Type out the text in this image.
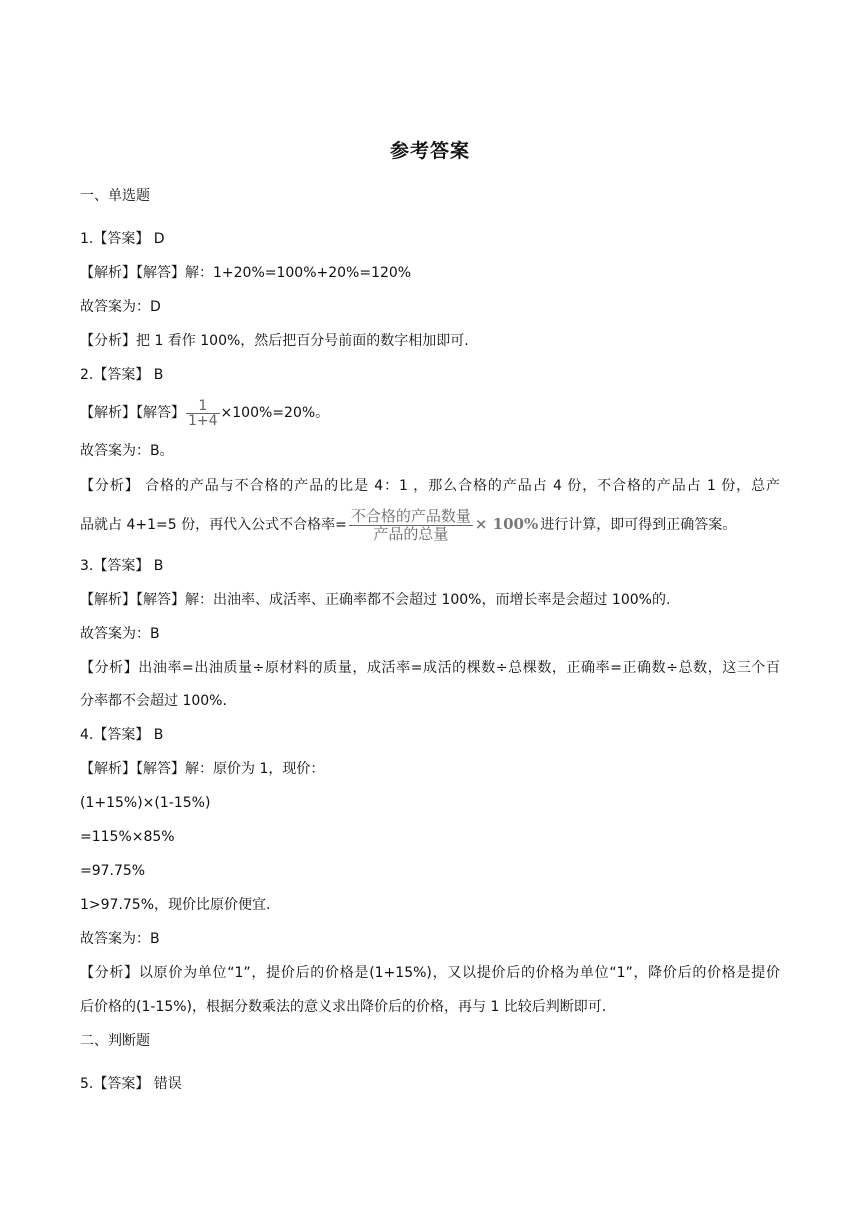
参考答案
一、单选题
1.【答案】 D
【解析】【解答】解：1+20%=100%+20%=120%
故答案为：D
【分析】把 1 看作 100%，然后把百分号前面的数字相加即可.
2.【答案】 B
【解析】【解答】 $\frac{1}{1+4} \times 100\%=20\%$。
故答案为：B。
【分析】 合格的产品与不合格的产品的比是 4：1 ，那么合格的产品占 4 份，不合格的产品占 1 份，总产
品就占 4+1=5 份，再代入公式不合格率= $\frac{\text{不合格的产品数量}}{\text{产品的总量}} \times 100\%$ 进行计算，即可得到正确答案。
3.【答案】 B
【解析】【解答】解：出油率、成活率、正确率都不会超过 100%，而增长率是会超过 100%的.
故答案为：B
【分析】出油率=出油质量÷原材料的质量，成活率=成活的棵数÷总棵数，正确率=正确数÷总数，这三个百
分率都不会超过 100%.
4.【答案】 B
【解析】【解答】解：原价为 1，现价：
(1+15%)×(1-15%)
=115%×85%
=97.75%
1>97.75%，现价比原价便宜.
故答案为：B
【分析】以原价为单位“1”，提价后的价格是(1+15%)，又以提价后的价格为单位“1”，降价后的价格是提价
后价格的(1-15%)，根据分数乘法的意义求出降价后的价格，再与 1 比较后判断即可.
二、判断题
5.【答案】 错误
